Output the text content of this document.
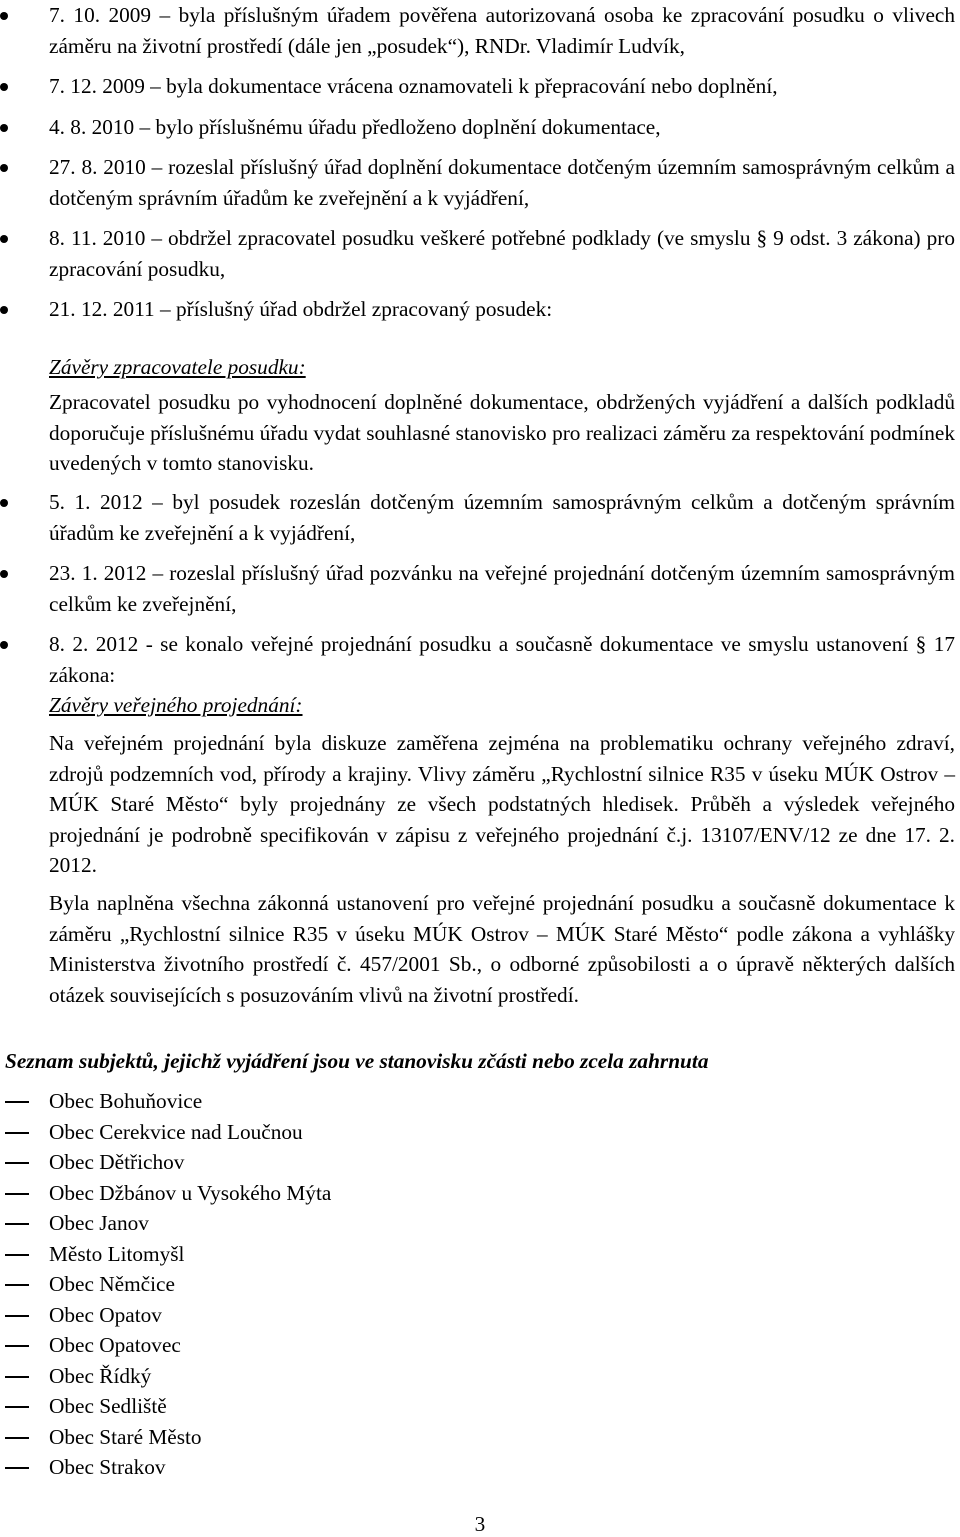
7. 10. 2009 – byla příslušným úřadem pověřena autorizovaná osoba ke zpracování posudku o vlivech záměru na životní prostředí (dále jen „posudek“), RNDr. Vladimír Ludvík,
7. 12. 2009 – byla dokumentace vrácena oznamovateli k přepracování nebo doplnění,
4. 8. 2010 – bylo příslušnému úřadu předloženo doplnění dokumentace,
27. 8. 2010 – rozeslal příslušný úřad doplnění dokumentace dotčeným územním samosprávným celkům a dotčeným správním úřadům ke zveřejnění a k vyjádření,
8. 11. 2010 – obdržel zpracovatel posudku veškeré potřebné podklady (ve smyslu § 9 odst. 3 zákona) pro zpracování posudku,
21. 12. 2011 – příslušný úřad obdržel zpracovaný posudek:
Závěry zpracovatele posudku:
Zpracovatel posudku po vyhodnocení doplněné dokumentace, obdržených vyjádření a dalších podkladů doporučuje příslušnému úřadu vydat souhlasné stanovisko pro realizaci záměru za respektování podmínek uvedených v tomto stanovisku.
5. 1. 2012 – byl posudek rozeslán dotčeným územním samosprávným celkům a dotčeným správním úřadům ke zveřejnění a k vyjádření,
23. 1. 2012 – rozeslal příslušný úřad pozvánku na veřejné projednání dotčeným územním samosprávným celkům ke zveřejnění,
8. 2. 2012 - se konalo veřejné projednání posudku a současně dokumentace ve smyslu ustanovení § 17 zákona:
Závěry veřejného projednání:
Na veřejném projednání byla diskuze zaměřena zejména na problematiku ochrany veřejného zdraví, zdrojů podzemních vod, přírody a krajiny. Vlivy záměru „Rychlostní silnice R35 v úseku MÚK Ostrov – MÚK Staré Město“ byly projednány ze všech podstatných hledisek. Průběh a výsledek veřejného projednání je podrobně specifikován v zápisu z veřejného projednání č.j. 13107/ENV/12 ze dne 17. 2. 2012.
Byla naplněna všechna zákonná ustanovení pro veřejné projednání posudku a současně dokumentace k záměru „Rychlostní silnice R35 v úseku MÚK Ostrov – MÚK Staré Město“ podle zákona a vyhlášky Ministerstva životního prostředí č. 457/2001 Sb., o odborné způsobilosti a o úpravě některých dalších otázek souvisejících s posuzováním vlivů na životní prostředí.
Seznam subjektů, jejichž vyjádření jsou ve stanovisku zčásti nebo zcela zahrnuta
Obec Bohuňovice
Obec Cerekvice nad Loučnou
Obec Dětřichov
Obec Džbánov u Vysokého Mýta
Obec Janov
Město Litomyšl
Obec Němčice
Obec Opatov
Obec Opatovec
Obec Řídký
Obec Sedliště
Obec Staré Město
Obec Strakov
3
